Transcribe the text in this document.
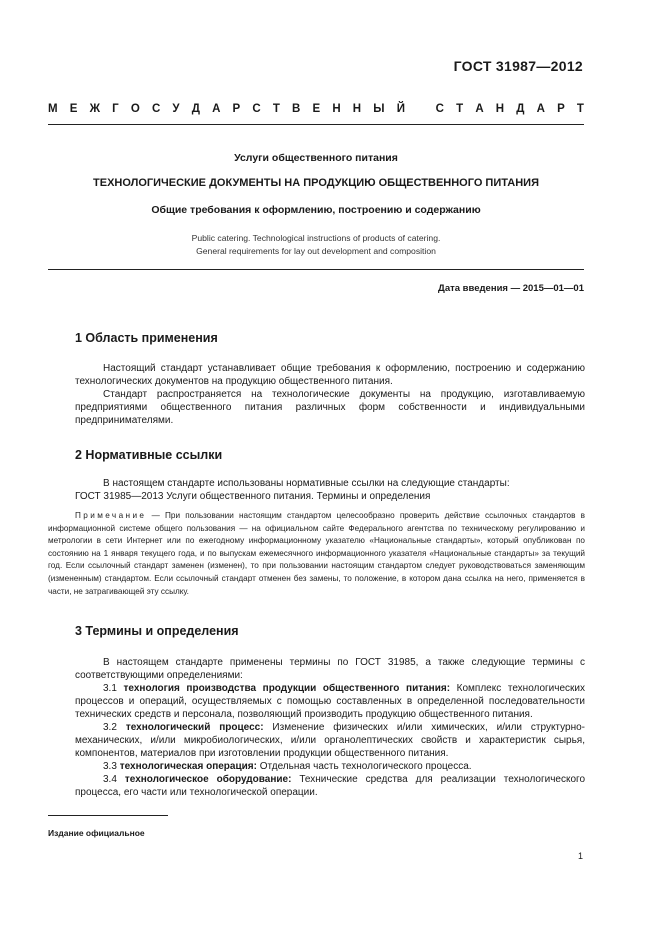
ГОСТ 31987—2012
М Е Ж Г О С У Д А Р С Т В Е Н Н Ы Й
	С Т А Н Д А Р Т
Услуги общественного питания
ТЕХНОЛОГИЧЕСКИЕ ДОКУМЕНТЫ НА ПРОДУКЦИЮ ОБЩЕСТВЕННОГО ПИТАНИЯ
Общие требования к оформлению, построению и содержанию
Public catering. Technological instructions of products of catering.
General requirements for lay out development and composition
Дата введения — 2015—01—01
1 Область применения

Настоящий стандарт устанавливает общие требования к оформлению, построению и содержанию технологических документов на продукцию общественного питания.

Стандарт распространяется на технологические документы на продукцию, изготавливаемую предприятиями общественного питания различных форм собственности и индивидуальными предпринимателями.

2 Нормативные ссылки

В настоящем стандарте использованы нормативные ссылки на следующие стандарты:

ГОСТ 31985—2013 Услуги общественного питания. Термины и определения

Примечание — При пользовании настоящим стандартом целесообразно проверить действие ссылочных стандартов в информационной системе общего пользования — на официальном сайте Федерального агентства по техническому регулированию и метрологии в сети Интернет или по ежегодному информационному указателю «Национальные стандарты», который опубликован по состоянию на 1 января текущего года, и по выпускам ежемесячного информационного указателя «Национальные стандарты» за текущий год. Если ссылочный стандарт заменен (изменен), то при пользовании настоящим стандартом следует руководствоваться заменяющим (измененным) стандартом. Если ссылочный стандарт отменен без замены, то положение, в котором дана ссылка на него, применяется в части, не затрагивающей эту ссылку.

3 Термины и определения

В настоящем стандарте применены термины по ГОСТ 31985, а также следующие термины с соответствующими определениями:

3.1 технология производства продукции общественного питания: Комплекс технологических процессов и операций, осуществляемых с помощью составленных в определенной последовательности технических средств и персонала, позволяющий производить продукцию общественного питания.

3.2 технологический процесс: Изменение физических и/или химических, и/или структурно-механических, и/или микробиологических, и/или органолептических свойств и характеристик сырья, компонентов, материалов при изготовлении продукции общественного питания.

3.3 технологическая операция: Отдельная часть технологического процесса.

3.4 технологическое оборудование: Технические средства для реализации технологического процесса, его части или технологической операции.

Издание официальное
1
